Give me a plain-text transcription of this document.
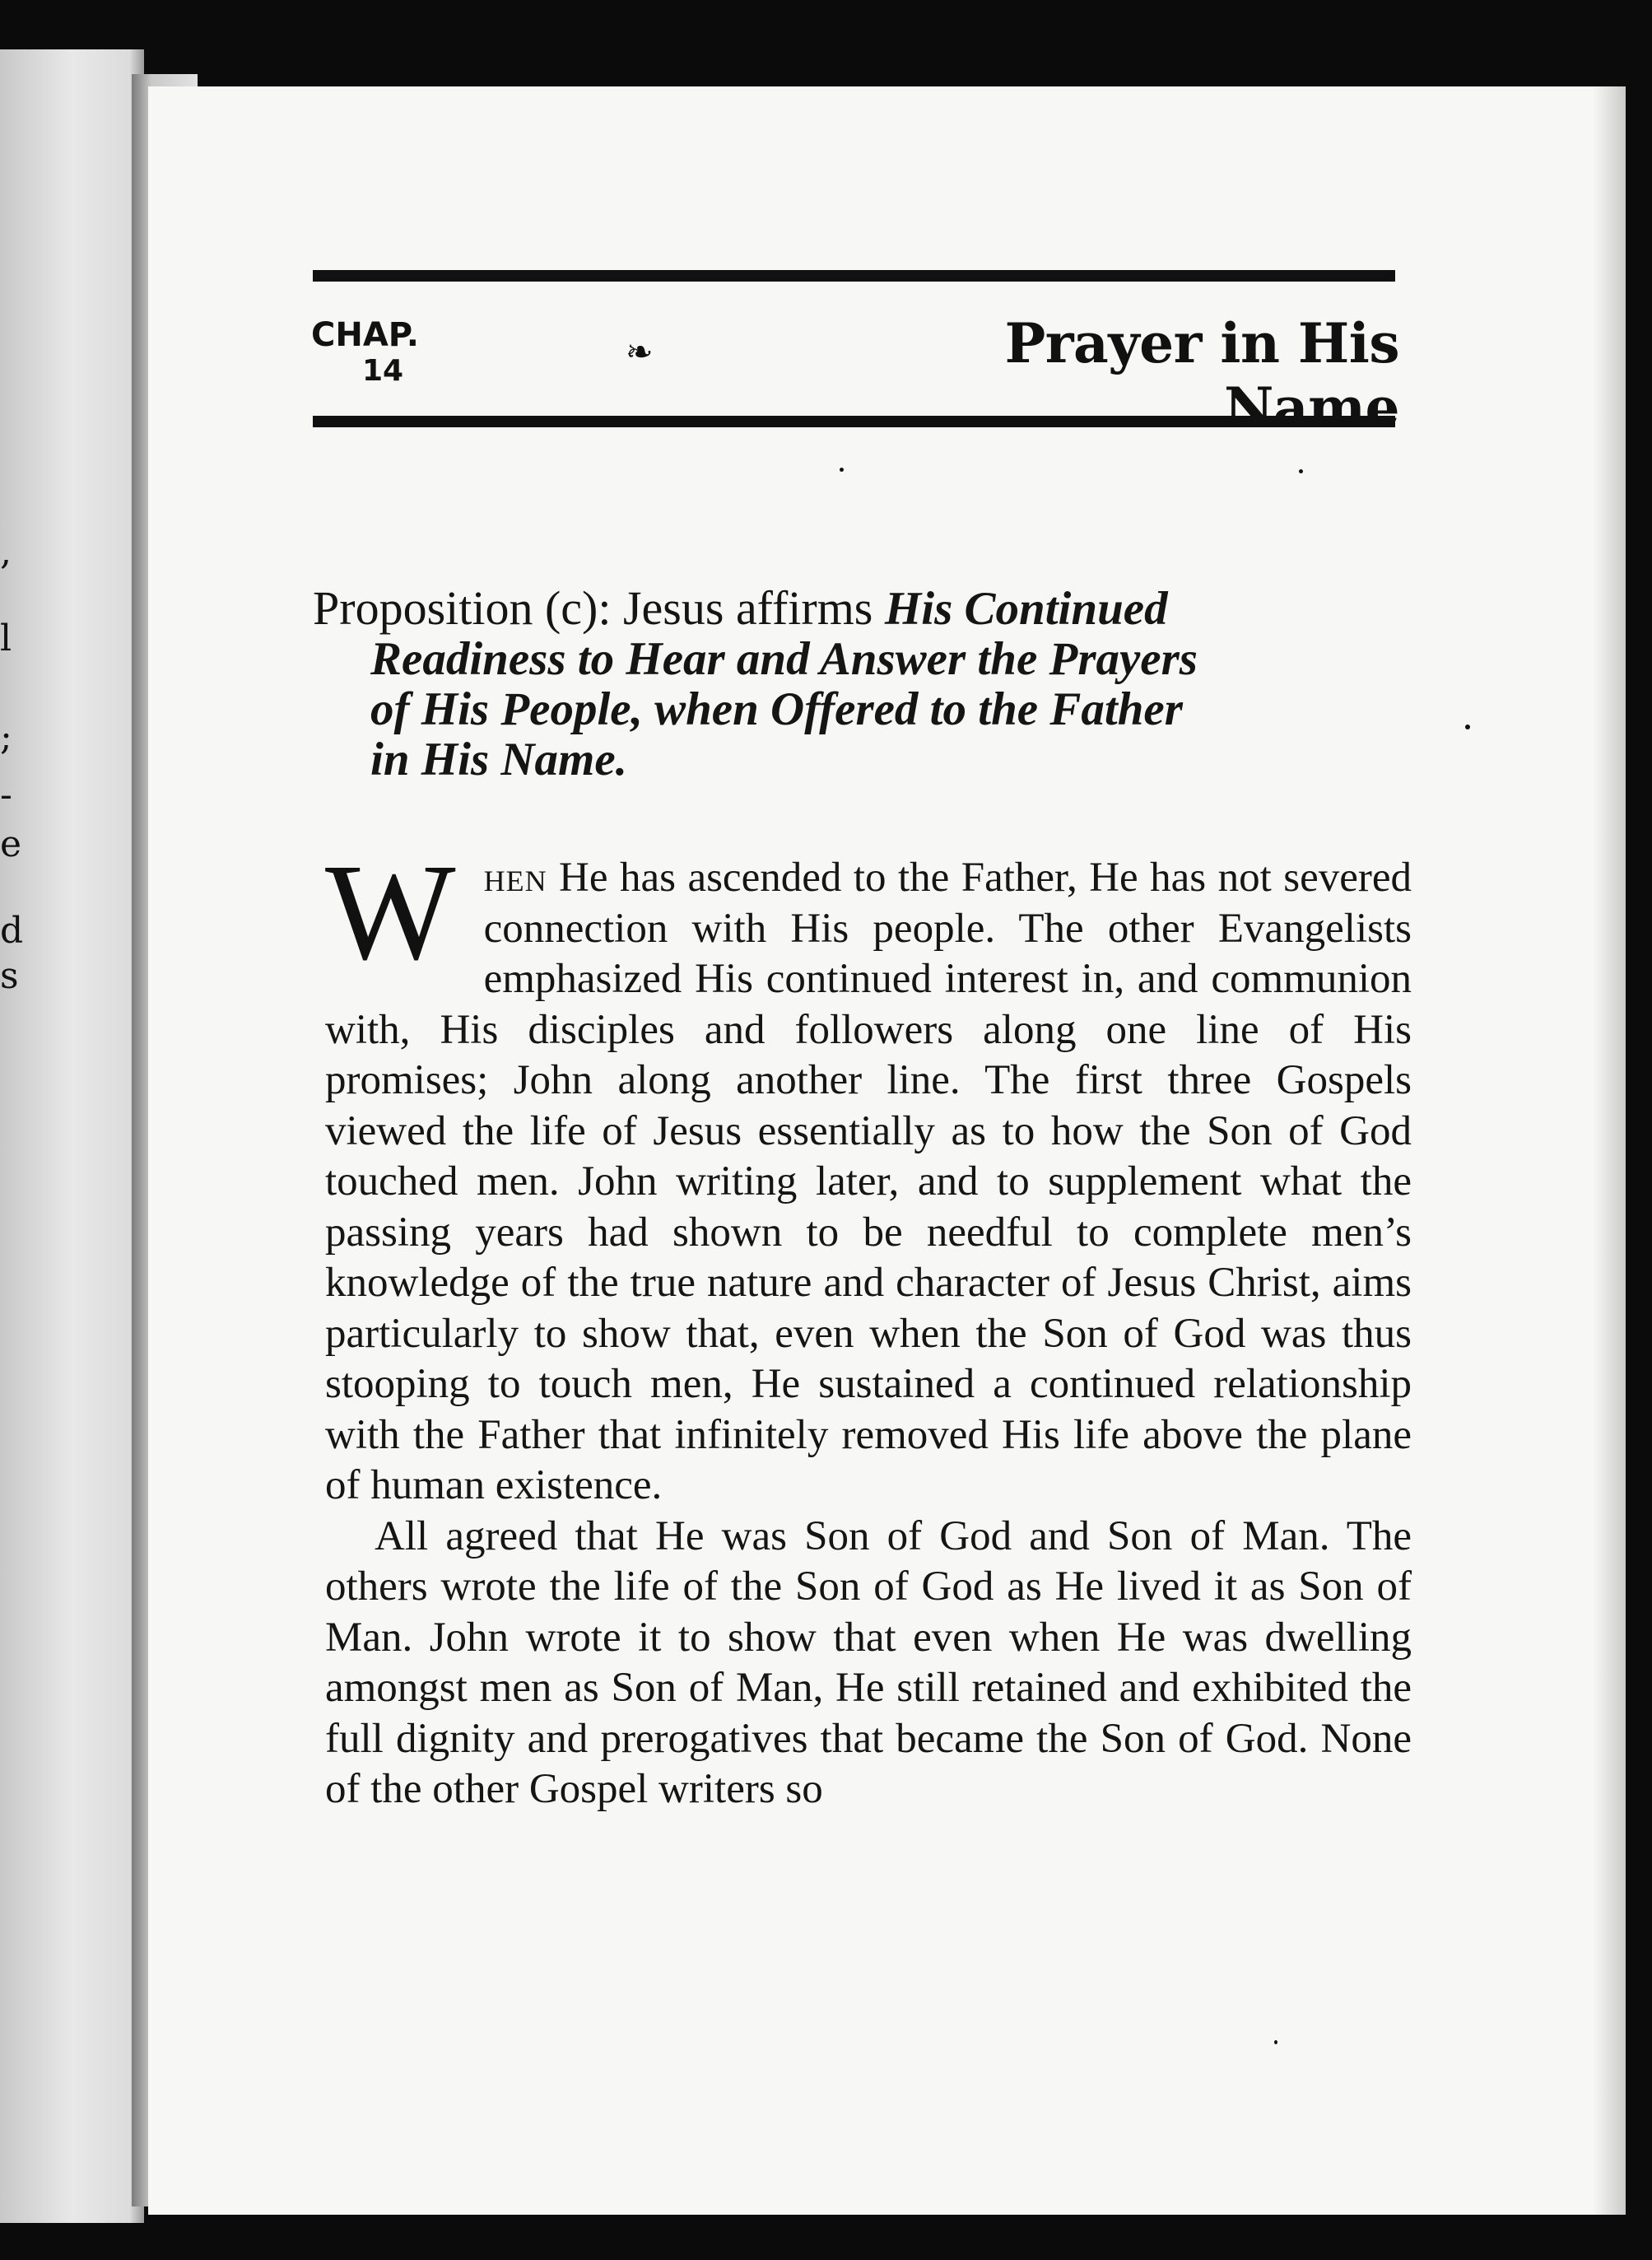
,
l
;
-
e
d
s
CHAP.
14	❧	Prayer in His Name
Proposition (c): Jesus affirms His Continued
Readiness to Hear and Answer the Prayers
of His People, when Offered to the Father
in His Name.

When He has ascended to the Father, He has not severed connection with His people. The other Evangelists emphasized His continued interest in, and communion with, His disciples and followers along one line of His promises; John along another line. The first three Gospels viewed the life of Jesus essentially as to how the Son of God touched men. John writing later, and to supplement what the passing years had shown to be needful to complete men’s knowledge of the true nature and character of Jesus Christ, aims particularly to show that, even when the Son of God was thus stooping to touch men, He sustained a continued relationship with the Father that infinitely removed His life above the plane of human existence.

All agreed that He was Son of God and Son of Man. The others wrote the life of the Son of God as He lived it as Son of Man. John wrote it to show that even when He was dwelling amongst men as Son of Man, He still retained and exhibited the full dignity and prerogatives that became the Son of God. None of the other Gospel writers so
